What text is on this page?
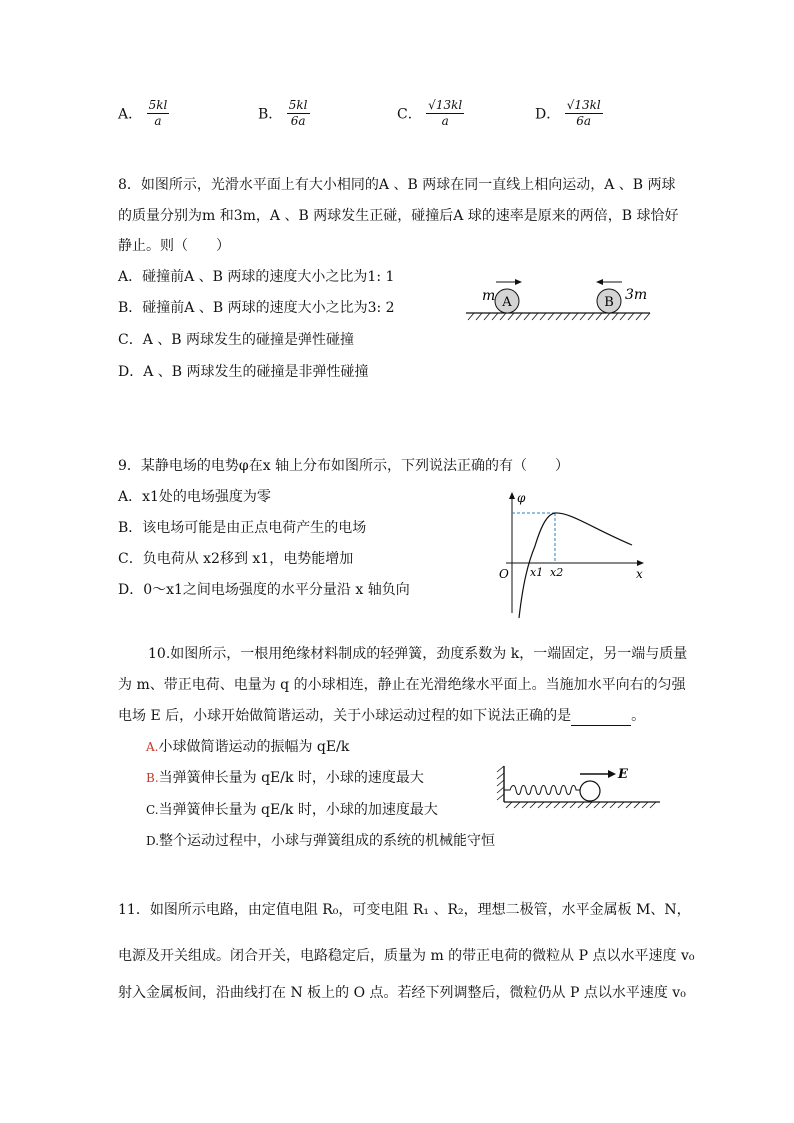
A． $\frac{5kl}{a}$	B． $\frac{5kl}{6a}$	C． $\frac{√13kl}{a}$	D． $\frac{√13kl}{6a}$
8．如图所示，光滑水平面上有大小相同的A 、B 两球在同一直线上相向运动，A 、B 两球
的质量分别为m 和3m，A 、B 两球发生正碰，碰撞后A 球的速率是原来的两倍，B 球恰好
静止。则（　　）
A．碰撞前A 、B 两球的速度大小之比为1: 1
B．碰撞前A 、B 两球的速度大小之比为3: 2
C．A 、B 两球发生的碰撞是弹性碰撞
D．A 、B 两球发生的碰撞是非弹性碰撞
A
m	B 3m
9．某静电场的电势φ在x 轴上分布如图所示，下列说法正确的有（　　）
A．x1处的电场强度为零
B．该电场可能是由正点电荷产生的电场
C．负电荷从 x2移到 x1，电势能增加
D．0～x1之间电场强度的水平分量沿 x 轴负向
φ
x
O x1 x2
10.如图所示，一根用绝缘材料制成的轻弹簧，劲度系数为 k，一端固定，另一端与质量
为 m、带正电荷、电量为 q 的小球相连，静止在光滑绝缘水平面上。当施加水平向右的匀强
电场 E 后，小球开始做简谐运动，关于小球运动过程的如下说法正确的是	。
A.小球做简谐运动的振幅为 qE/k
B.当弹簧伸长量为 qE/k 时，小球的速度最大
C.当弹簧伸长量为 qE/k 时，小球的加速度最大
D.整个运动过程中，小球与弹簧组成的系统的机械能守恒
E
11．如图所示电路，由定值电阻 R₀，可变电阻 R₁ 、R₂，理想二极管，水平金属板 M、N，
电源及开关组成。闭合开关，电路稳定后，质量为 m 的带正电荷的微粒从 P 点以水平速度 v₀
射入金属板间，沿曲线打在 N 板上的 O 点。若经下列调整后，微粒仍从 P 点以水平速度 v₀
